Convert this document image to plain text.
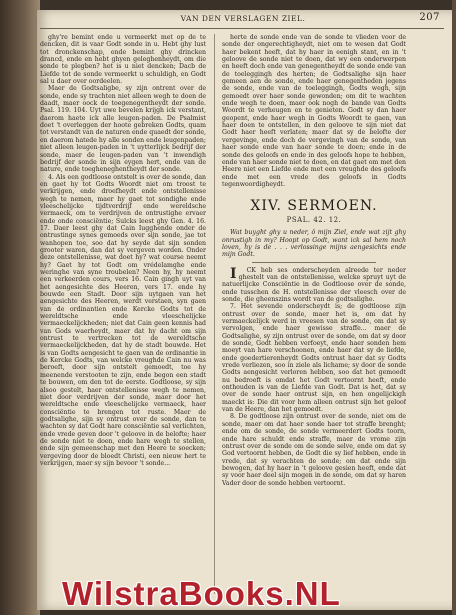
VAN DEN VERSLAGEN ZIEL.	207

ghy're bemint ende u vermeerkt met op de te dencken, dit is vaar Godt sonde in u. Hebt ghy lust tot dronckenschap, ende bemint ghy drincken drancd, ende en hebt ghyen geleghenheydt, om die sonde te plegben? het is u niet dencken; Dacb de Liefde tot de sonde vermeerkt u schuldigh, en Godt sal u daer over oordeelen.

Maer de Godtsaligbe, sy zijn ontrent over de sonde, ende sy trachten niet alleen wegh te doen de daadt, maer oock de toegenegentheydt der sonde. Psal. 119. 104. Uyt uwe bevelen krijgh ick verstant, daerom haete ick alle leugen-paden. De Psalmist doet 't overleggen der hoote gebreken Godts, quam tot verstandt van de naturen ende quaedt der sonde, en daerom hatede hy alle sonden ende leugenpaden; niet alleen leugen-paden in 't uytterlijck bedrijf der sonde, maer de leugen-paden van 't inwendigh bedrijf der sonde in sijn eygen hert, ende van de nature, ende toegheneghentheydt der sonde.

4. Als een godtloose ontstelt is over de sonde, dan en gaet hy tot Godts Woordt niet om troost te verkrijgen, ende droefheydt ende ontstellenisse wegh te nemen, maer hy gaet tot sondighe ende vleeschelijcke tijdtverdrijf ende wereldsche vermaeck, om te verdrijven de ontrustighe ervaer ende onde consciëntie; Sulcks leest ghy Gen. 4. 16. 17. Daer leest ghy dat Cain Iugghende onder de ontrustinge synes gemoeds over sijn sonde, jae tot wanhopen toe, soo dat hy seyde dat sijn sonden grooter waren, dan dat sy vergeven worden. Onder deze ontstellenisse, wat doet hy? wat course neemt hy? Gaet hy tot Godt om vrédelamghe ende weringhe van synе troubelen? Neen hy, hy neemt een verkeerden cours, vers 16. Cain gingh uyt van het aengesichte des Heeren, vers 17. ende hy bouwde een Stadt. Door sijn uytgaen van het aengesichte des Heeren, werdt verstaen, syn gaen van de ordinantien ende Kercke Godts tot de wereldtsche ende vleeschelijcke vermaeckelijckheden; niet dat Cain geen kennis had van Gods waerheydt, maer dat hy dacht om sijn ontrust te vertrecken tot de wereldtsche vermaeckelijckheden, dat hy de stadt bouwde. Het is van Godts aengesicht te gaen van de ordinantie in de Kercke Godts, van welcke vreughde Cain nu was beroeft, door sijn ontstelt gemoedt, toe hy meenende verstooten te zijn, ende begon een stadt te bouwen, om den tot de eerste. Godtloose, sy sijn alsoo gestelt, haer ontstellenisse wegh te nemen, niet door verdrijven der sonde, maer door het wereldtsche ende vleeschelijcke vermaeck, haer consciëntie te brengen tot ruste. Maer de godtsalighe, sijn sy ontrust over de sonde, dan te wachten sy dat Godt hare consciëntie sal verlichten, ende vrede geven door 't geloove in de belofte; haer de sonde niet te doen, ende hare wegh te stellen, ende sijn gemeenschap met den Heere te soecken; vergeving door de bloedt Christi, een nieuw hert te verkrijgen, maer sy sijn bevoor 't sonde...

herte de sonde ende van de sonde te vlieden voor de sonde der ongerechtigheydt, niet om te wesen dat Godt haer bekent heeft, dat hy haer in eenigh stant, en in 't geloove de sonde niet te doen, dat wy een onderwerpen en heeft doch ende van genegentheydt de sonde ende van de toeleggingh des herten; de Godtsalighe sijn haer gemeen aen de sonde, ende haer genegentheden jegens de sonde, ende van de toeleggingh, Godts wegh, sijn gemoedt over haer sonde gewonden; om dit te wachten ende wegh te doen, maer ook nogh de bande van Godts Woordt te verheugen en te genieten. Godt sy dan haer geopent, ende haer wegh in Godts Woordt te gaen, van haer doen te ontstellen, in den geloove te sijn niet dat Godt haer heeft verlaten; maer dat sy de belofte der vergevinge, ende doch de vergevingh van de sonde, van haer sonde ende van haer sonde te doen; ende in de sonde des geloofs en ende in des geloofs hope te hebben, ende van haer sonde niet te doen, en dat gaet om met den Heere niet een Liefde ende met een vreughde des geloofs ende met een vrede des geloofs in Godts tegenwoordigheydt.

XIV. SERMOEN.
PSAL. 42. 12.

Wat buyght ghy u neder, ô mijn Ziel, ende wat zijt ghy onrustigh in my? Hoopt op Godt, want ick sal hem noch loven, hy is de . . . verlossinge mijns aengesichts ende mijn Godt.

I CK heb ses onderscheyden alreede ter neder ghestelt van de ontstellenisse, welcke spruyt uyt de natuerlijcke Consciëntie in de Godtloose over de sonde, ende tusschen de H. ontstellenisse der vleesch over de sonde, die gheenszins wordt van de godtsalighe.

7. Het sevende onderscheydt is; de godtloose zijn ontrust over de sonde, maer het is, om dat hy vermaeckelijck werd in vreesen van de sonde, om dat sy vervolgen, ende haer gewisse straffe... maer de Godtsalighe, sy zijn ontrust over de sonde, om dat sy door de sonde, Godt hebben verfoeyt, ende haer sonden hem moeyt van hare verschoonen, ende haer dat sy de liefde, ende goedertierenheydt Godts ontrust haer dat sy Godts vrede verliezen, soo in ziele als lichame; sy door de sonde Godts aengesicht verloren hebben, soo dat het gemoedt nu bedroeft is omdat het Godt vertoornt heeft, ende onthouden is van de Liefde van Godt. Dat is het, dat sy over de sonde haer ontrust sijn, en hen ongelijckigh maeckt is: Die dit voor hem alleen ontrust sijn het geloof van de Heere, dan het gemoedt.

8. De godtloose zijn ontrust over de sonde, niet om de sonde, maer om dat haer sonde haer tot straffe brenght; ende om de sonde, de sonde vermeerdert Godts toorn, ende hare schuldt ende straffe, maer de vrome zijn ontrust over de sonde om de sonde selve, ende om dat sy God vertoornt hebben, de Godt die sy lief hebben, ende in vrede, dat sy verachten de sonde; om dat ende sijn bewogen, dat hy haer in 't geloove gesien heeft, ende dat sy voor haer deel sijn mogen in de sonde, om dat sy haren Vader door de sonde hebben vertoornt.

WilstraBooks.NL
